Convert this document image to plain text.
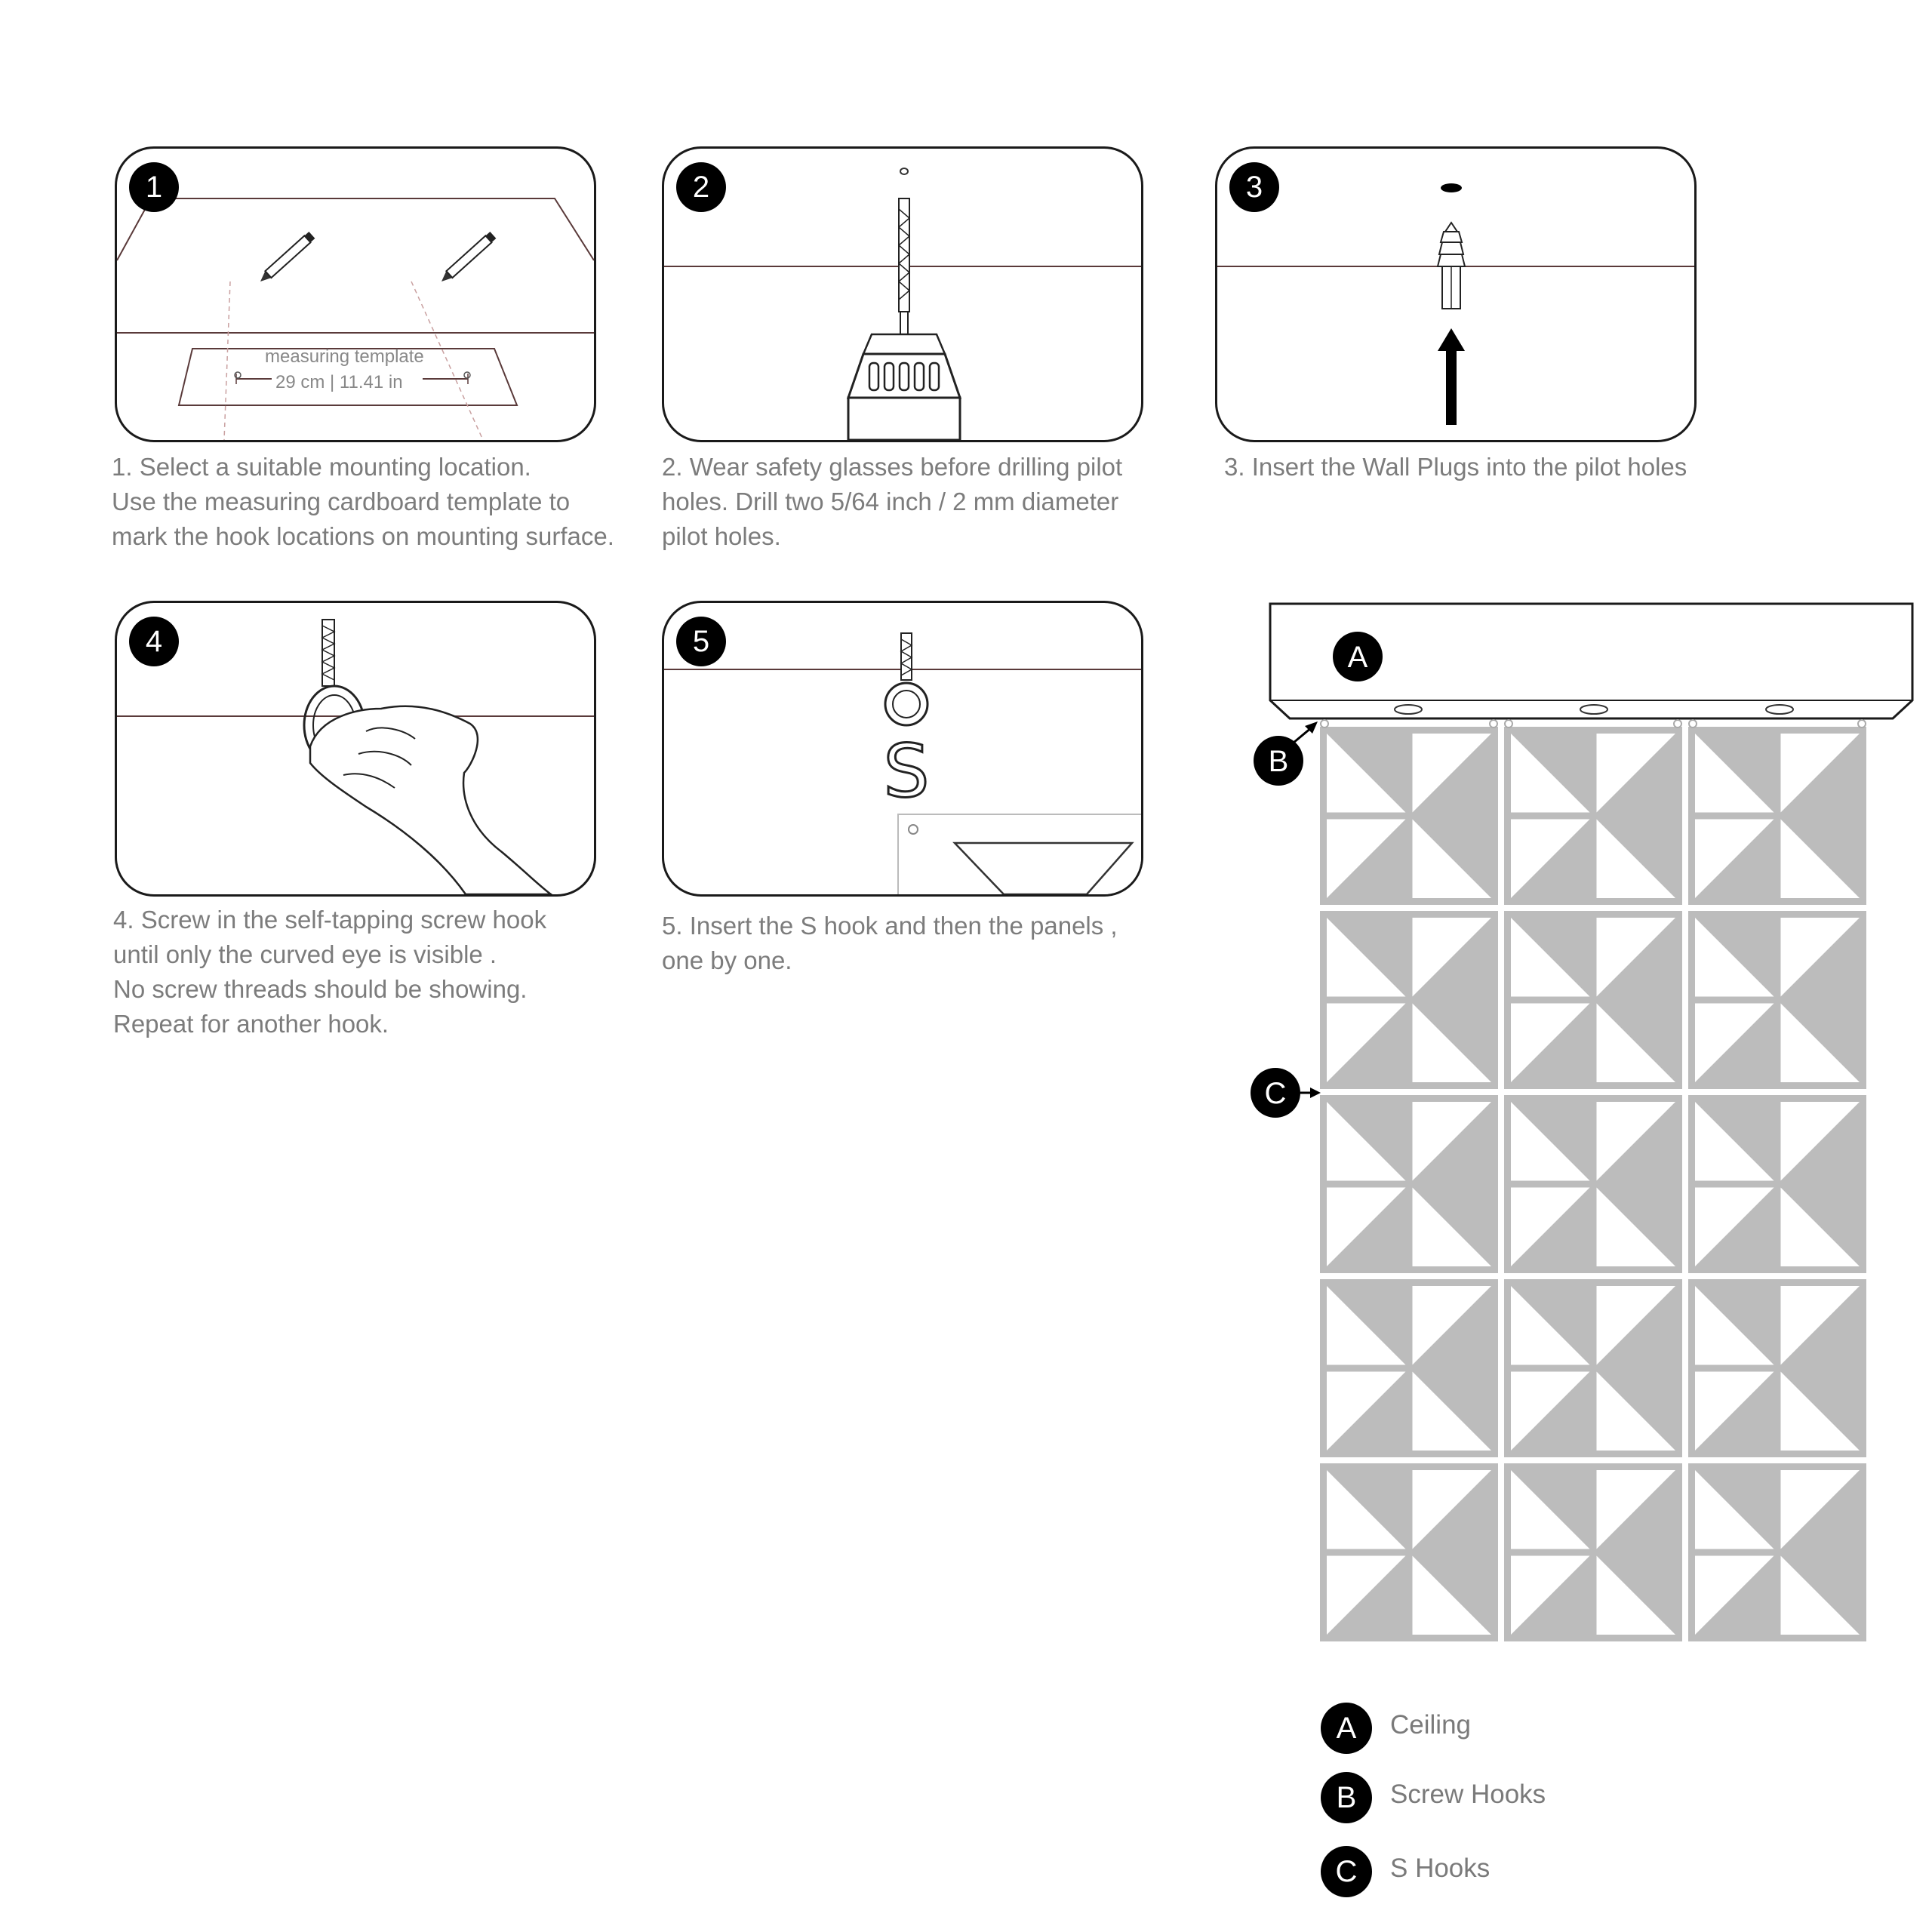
1
measuring template
29 cm | 11.41 in
1. Select a suitable mounting location.
Use the measuring cardboard template to
mark the hook locations on mounting surface.
2
2. Wear safety glasses before drilling pilot
holes. Drill two 5/64 inch / 2 mm diameter
pilot holes.
3
3. Insert the Wall Plugs into the pilot holes
4
4. Screw in the self-tapping screw hook
until only the curved eye is visible .
No screw threads should be showing.
Repeat for another hook.
S
5
5. Insert the S hook and then the panels ,
one by one.
A
B
C
A	Ceiling
B	Screw Hooks
C	S Hooks
